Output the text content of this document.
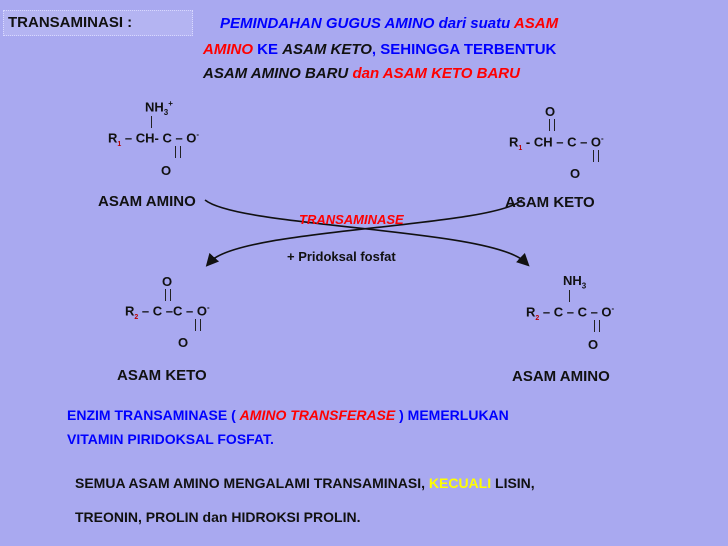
TRANSAMINASI :	PEMINDAHAN GUGUS AMINO dari suatu ASAM
AMINO KE ASAM KETO, SEHINGGA TERBENTUK
ASAM AMINO BARU dan ASAM KETO BARU
$NH_3^+$
$R_1 - CH-$ C – O-
O
ASAM AMINO
O
$R_1$ - CH – C – O-
O
ASAM KETO
TRANSAMINASE
+ Pridoksal fosfat
O
$R_2$ – C –C – O-
O
ASAM KETO
$NH_3$
$R_2$ – C – C – O-
O
ASAM AMINO
ENZIM TRANSAMINASE ( AMINO TRANSFERASE ) MEMERLUKAN
VITAMIN PIRIDOKSAL FOSFAT.
SEMUA ASAM AMINO MENGALAMI TRANSAMINASI, KECUALI LISIN,
TREONIN, PROLIN dan HIDROKSI PROLIN.
